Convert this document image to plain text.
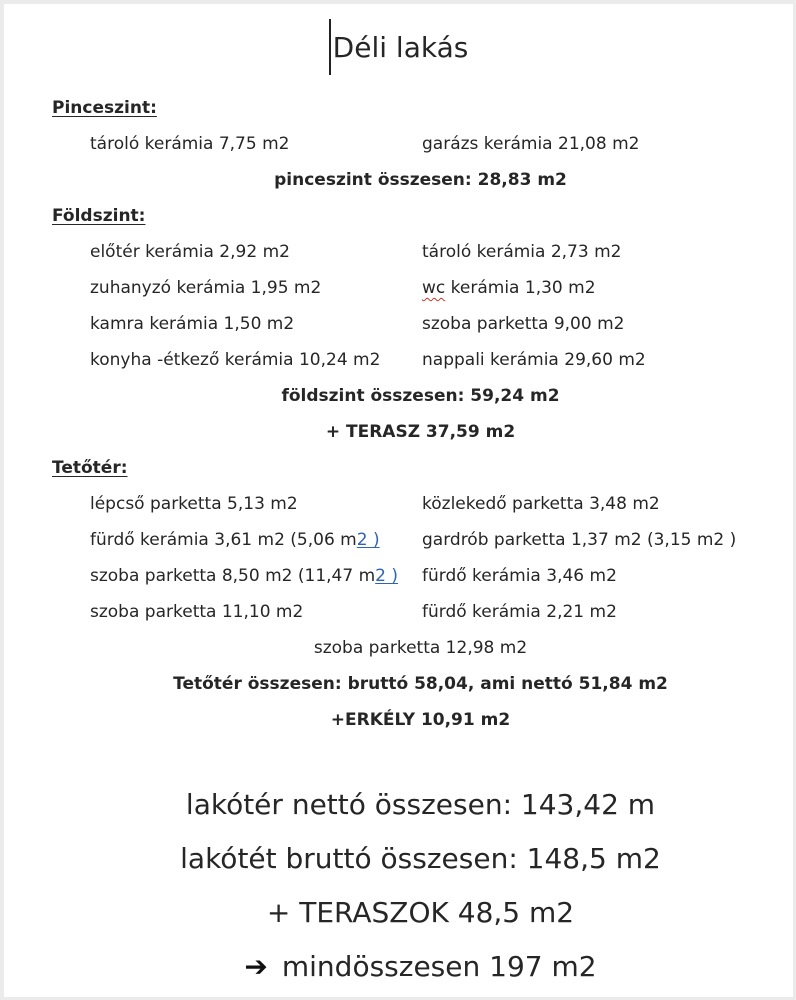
Déli lakás
Pinceszint:
tároló kerámia 7,75 m2	garázs kerámia 21,08 m2
pinceszint összesen: 28,83 m2
Földszint:
előtér kerámia 2,92 m2	tároló kerámia 2,73 m2
zuhanyzó kerámia 1,95 m2	wc kerámia 1,30 m2
kamra kerámia 1,50 m2	szoba parketta 9,00 m2
konyha -étkező kerámia 10,24 m2	nappali kerámia 29,60 m2
földszint összesen: 59,24 m2
+ TERASZ 37,59 m2
Tetőtér:
lépcső parketta 5,13 m2	közlekedő parketta 3,48 m2
fürdő kerámia 3,61 m2 (5,06 m2 )	gardrób parketta 1,37 m2 (3,15 m2 )
szoba parketta 8,50 m2 (11,47 m2 )	fürdő kerámia 3,46 m2
szoba parketta 11,10 m2	fürdő kerámia 2,21 m2
szoba parketta 12,98 m2
Tetőtér összesen: bruttó 58,04, ami nettó 51,84 m2
+ERKÉLY 10,91 m2
lakótér nettó összesen: 143,42 m
lakótét bruttó összesen: 148,5 m2
+ TERASZOK 48,5 m2
➔ mindösszesen 197 m2
